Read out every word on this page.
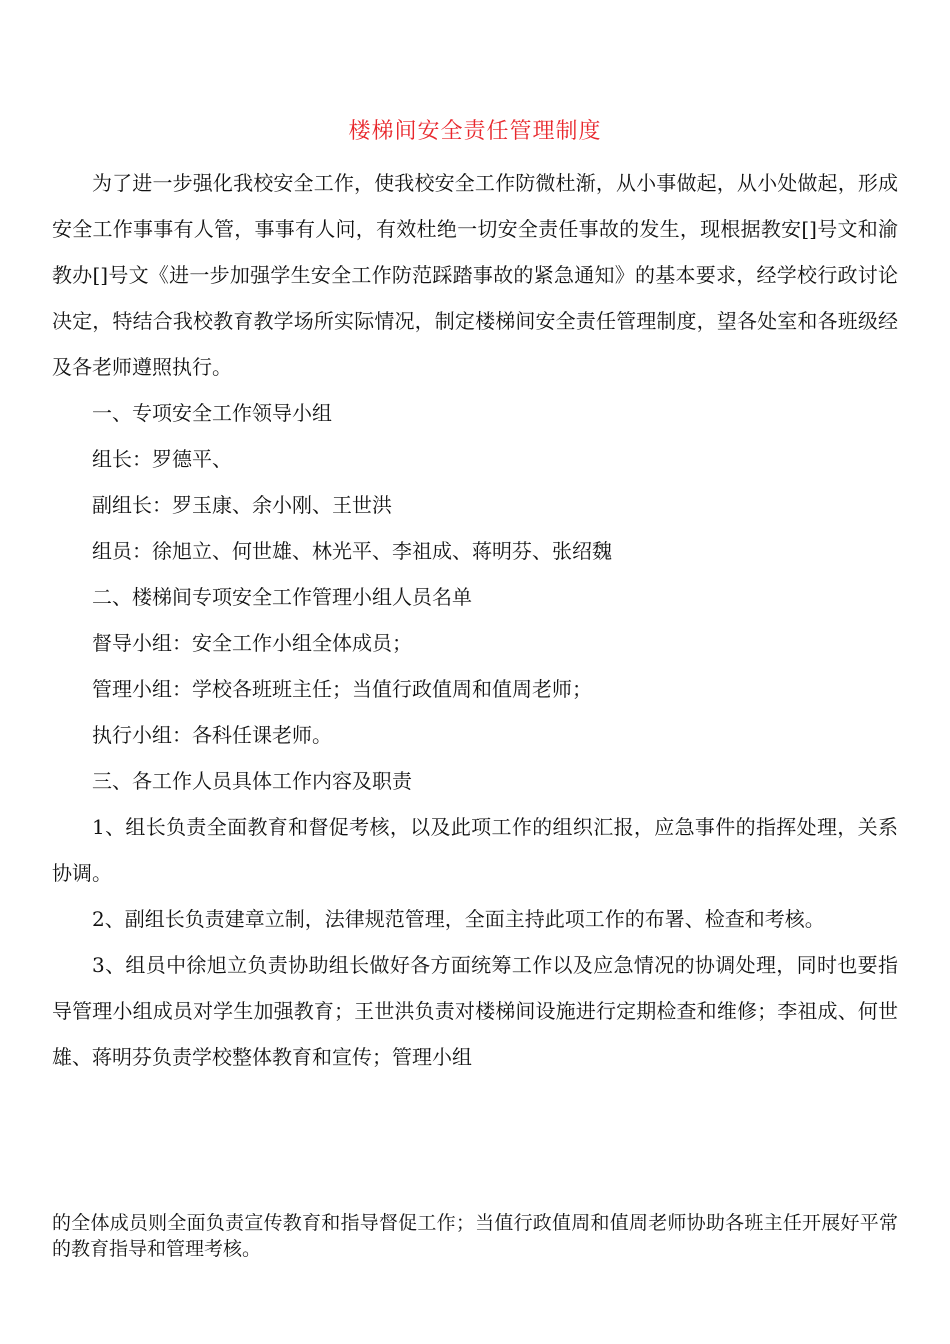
楼梯间安全责任管理制度

为了进一步强化我校安全工作，使我校安全工作防微杜渐，从小事做起，从小处做起，形成安全工作事事有人管，事事有人问，有效杜绝一切安全责任事故的发生，现根据教安[]号文和渝教办[]号文《进一步加强学生安全工作防范踩踏事故的紧急通知》的基本要求，经学校行政讨论决定，特结合我校教育教学场所实际情况，制定楼梯间安全责任管理制度，望各处室和各班级经及各老师遵照执行。

一、专项安全工作领导小组

组长：罗德平、

副组长：罗玉康、余小刚、王世洪

组员：徐旭立、何世雄、林光平、李祖成、蒋明芬、张绍魏

二、楼梯间专项安全工作管理小组人员名单

督导小组：安全工作小组全体成员；

管理小组：学校各班班主任；当值行政值周和值周老师；

执行小组：各科任课老师。

三、各工作人员具体工作内容及职责

1、组长负责全面教育和督促考核，以及此项工作的组织汇报，应急事件的指挥处理，关系协调。

2、副组长负责建章立制，法律规范管理，全面主持此项工作的布署、检查和考核。

3、组员中徐旭立负责协助组长做好各方面统筹工作以及应急情况的协调处理，同时也要指导管理小组成员对学生加强教育；王世洪负责对楼梯间设施进行定期检查和维修；李祖成、何世雄、蒋明芬负责学校整体教育和宣传；管理小组

的全体成员则全面负责宣传教育和指导督促工作；当值行政值周和值周老师协助各班主任开展好平常的教育指导和管理考核。
